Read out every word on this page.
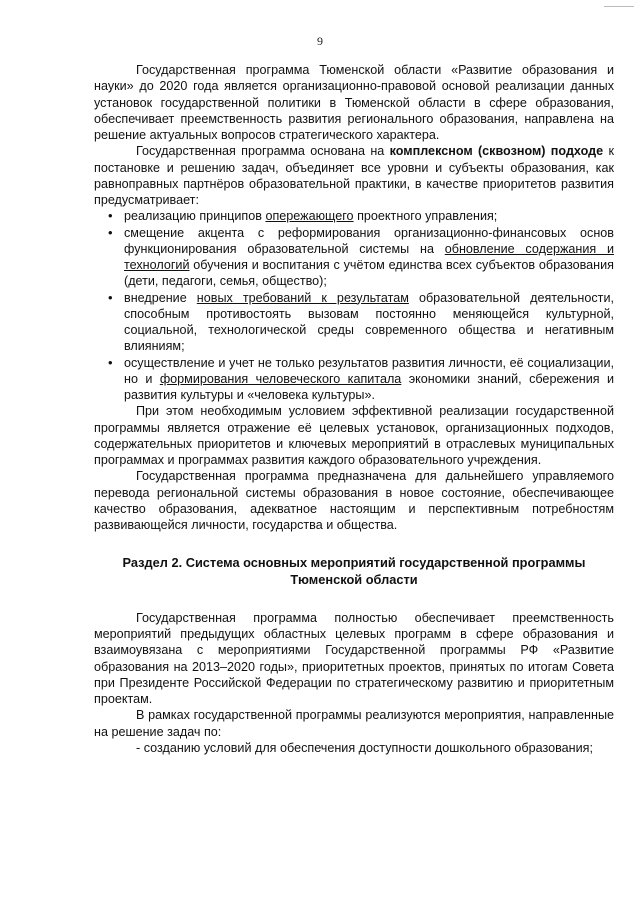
9

Государственная программа Тюменской области «Развитие образования и науки» до 2020 года является организационно-правовой основой реализации данных установок государственной политики в Тюменской области в сфере образования, обеспечивает преемственность развития регионального образования, направлена на решение актуальных вопросов стратегического характера.

Государственная программа основана на комплексном (сквозном) подходе к постановке и решению задач, объединяет все уровни и субъекты образования, как равноправных партнёров образовательной практики, в качестве приоритетов развития предусматривает:

• реализацию принципов опережающего проектного управления;
• смещение акцента с реформирования организационно-финансовых основ функционирования образовательной системы на обновление содержания и технологий обучения и воспитания с учётом единства всех субъектов образования (дети, педагоги, семья, общество);
• внедрение новых требований к результатам образовательной деятельности, способным противостоять вызовам постоянно меняющейся культурной, социальной, технологической среды современного общества и негативным влияниям;
• осуществление и учет не только результатов развития личности, её социализации, но и формирования человеческого капитала экономики знаний, сбережения и развития культуры и «человека культуры».

При этом необходимым условием эффективной реализации государственной программы является отражение её целевых установок, организационных подходов, содержательных приоритетов и ключевых мероприятий в отраслевых муниципальных программах и программах развития каждого образовательного учреждения.

Государственная программа предназначена для дальнейшего управляемого перевода региональной системы образования в новое состояние, обеспечивающее качество образования, адекватное настоящим и перспективным потребностям развивающейся личности, государства и общества.

Раздел 2. Система основных мероприятий государственной программы Тюменской области

Государственная программа полностью обеспечивает преемственность мероприятий предыдущих областных целевых программ в сфере образования и взаимоувязана с мероприятиями Государственной программы РФ «Развитие образования на 2013–2020 годы», приоритетных проектов, принятых по итогам Совета при Президенте Российской Федерации по стратегическому развитию и приоритетным проектам.

В рамках государственной программы реализуются мероприятия, направленные на решение задач по:

- созданию условий для обеспечения доступности дошкольного образования;
